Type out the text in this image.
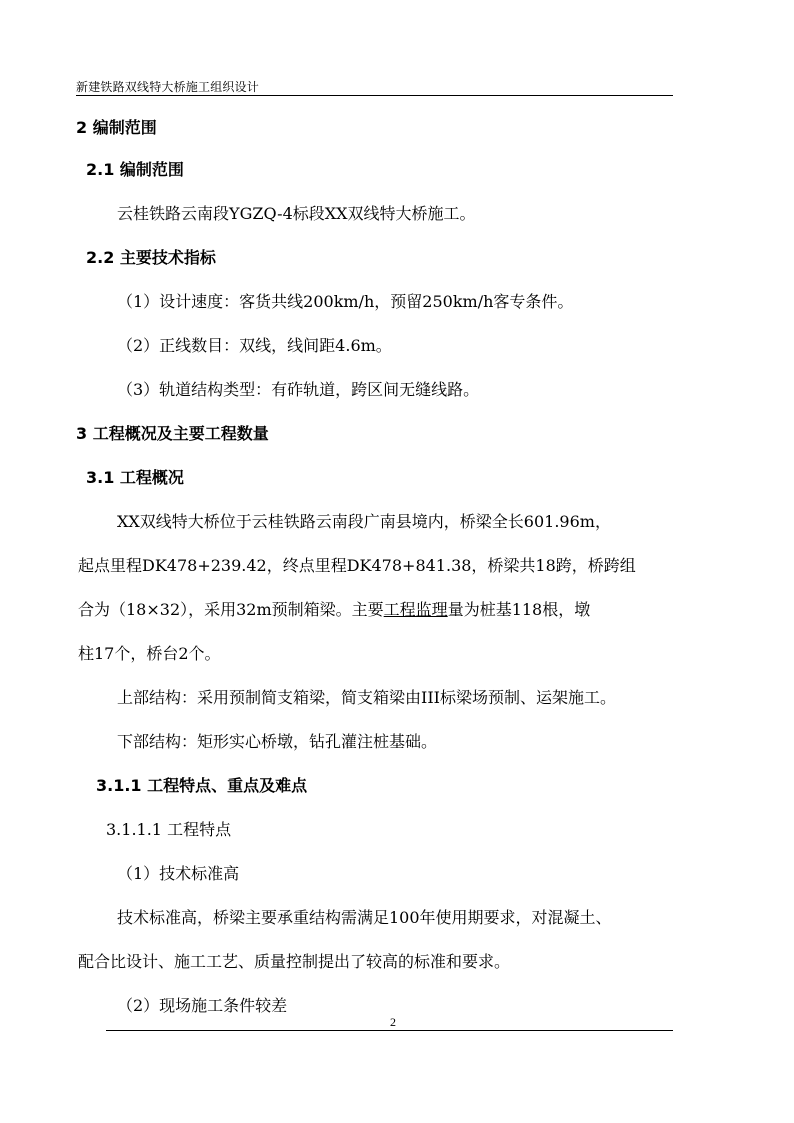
新建铁路双线特大桥施工组织设计
2 编制范围
2.1 编制范围
云桂铁路云南段YGZQ-4标段XX双线特大桥施工。
2.2 主要技术指标
（1）设计速度：客货共线200km/h，预留250km/h客专条件。
（2）正线数目：双线，线间距4.6m。
（3）轨道结构类型：有砟轨道，跨区间无缝线路。
3 工程概况及主要工程数量
3.1 工程概况
XX双线特大桥位于云桂铁路云南段广南县境内，桥梁全长601.96m，
起点里程DK478+239.42，终点里程DK478+841.38，桥梁共18跨，桥跨组
合为（18×32），采用32m预制箱梁。主要工程监理量为桩基118根，墩
柱17个，桥台2个。
上部结构：采用预制简支箱梁，简支箱梁由III标梁场预制、运架施工。
下部结构：矩形实心桥墩，钻孔灌注桩基础。
3.1.1 工程特点、重点及难点
3.1.1.1 工程特点
（1）技术标准高
技术标准高，桥梁主要承重结构需满足100年使用期要求，对混凝土、
配合比设计、施工工艺、质量控制提出了较高的标准和要求。
（2）现场施工条件较差
2
